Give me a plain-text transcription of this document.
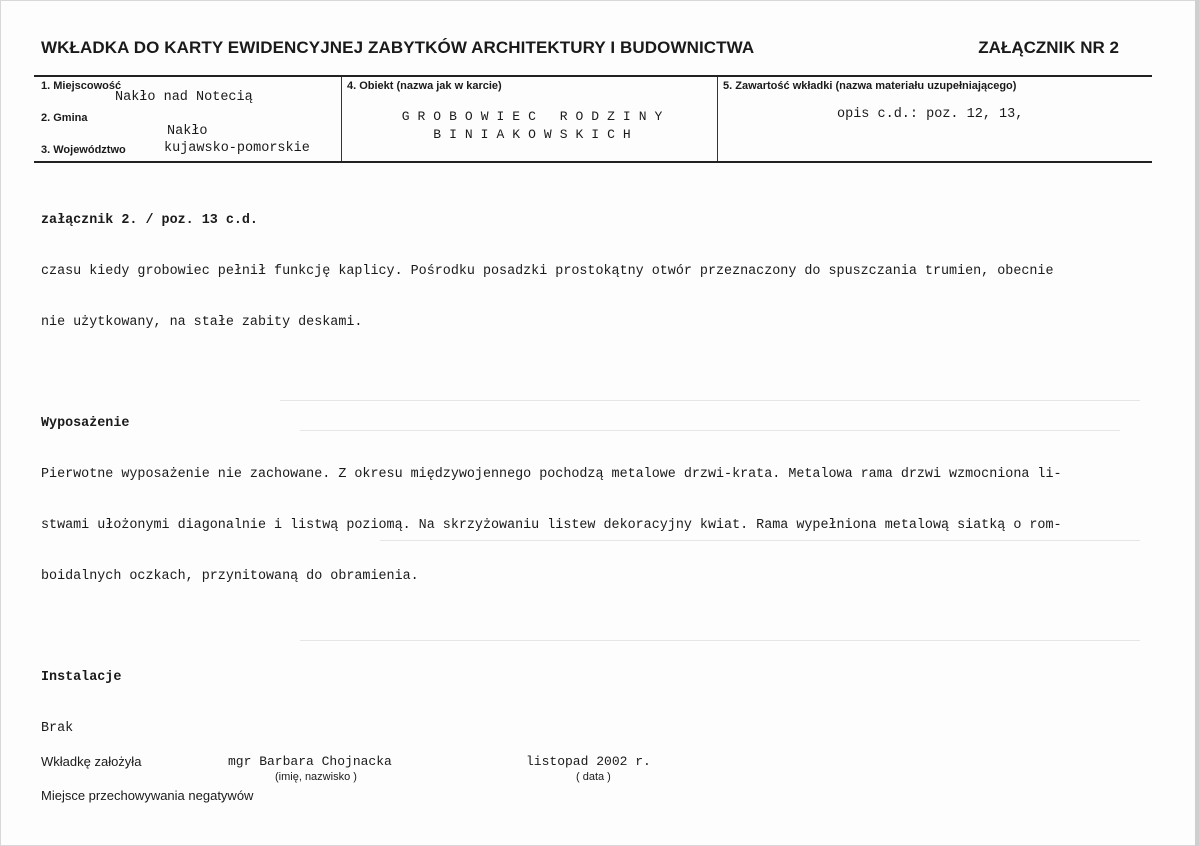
WKŁADKA DO KARTY EWIDENCYJNEJ ZABYTKÓW ARCHITEKTURY I BUDOWNICTWA	ZAŁĄCZNIK NR 2
1. Miejscowość
Nakło nad Notecią
2. Gmina
Nakło
3. Województwo	kujawsko-pomorskie
4. Obiekt (nazwa jak w karcie)
GROBOWIEC RODZINY
BINIAKOWSKICH
5. Zawartość wkładki (nazwa materiału uzupełniającego)
opis c.d.: poz. 12, 13,

załącznik 2. / poz. 13 c.d.

czasu kiedy grobowiec pełnił funkcję kaplicy. Pośrodku posadzki prostokątny otwór przeznaczony do spuszczania trumien, obecnie

nie użytkowany, na stałe zabity deskami.

Wyposażenie

Pierwotne wyposażenie nie zachowane. Z okresu międzywojennego pochodzą metalowe drzwi-krata. Metalowa rama drzwi wzmocniona li-

stwami ułożonymi diagonalnie i listwą poziomą. Na skrzyżowaniu listew dekoracyjny kwiat. Rama wypełniona metalową siatką o rom-

boidalnych oczkach, przynitowaną do obramienia.

Instalacje

Brak

Wkładkę założyła	mgr Barbara Chojnacka
(imię, nazwisko )
listopad 2002 r.
( data )
Miejsce przechowywania negatywów
